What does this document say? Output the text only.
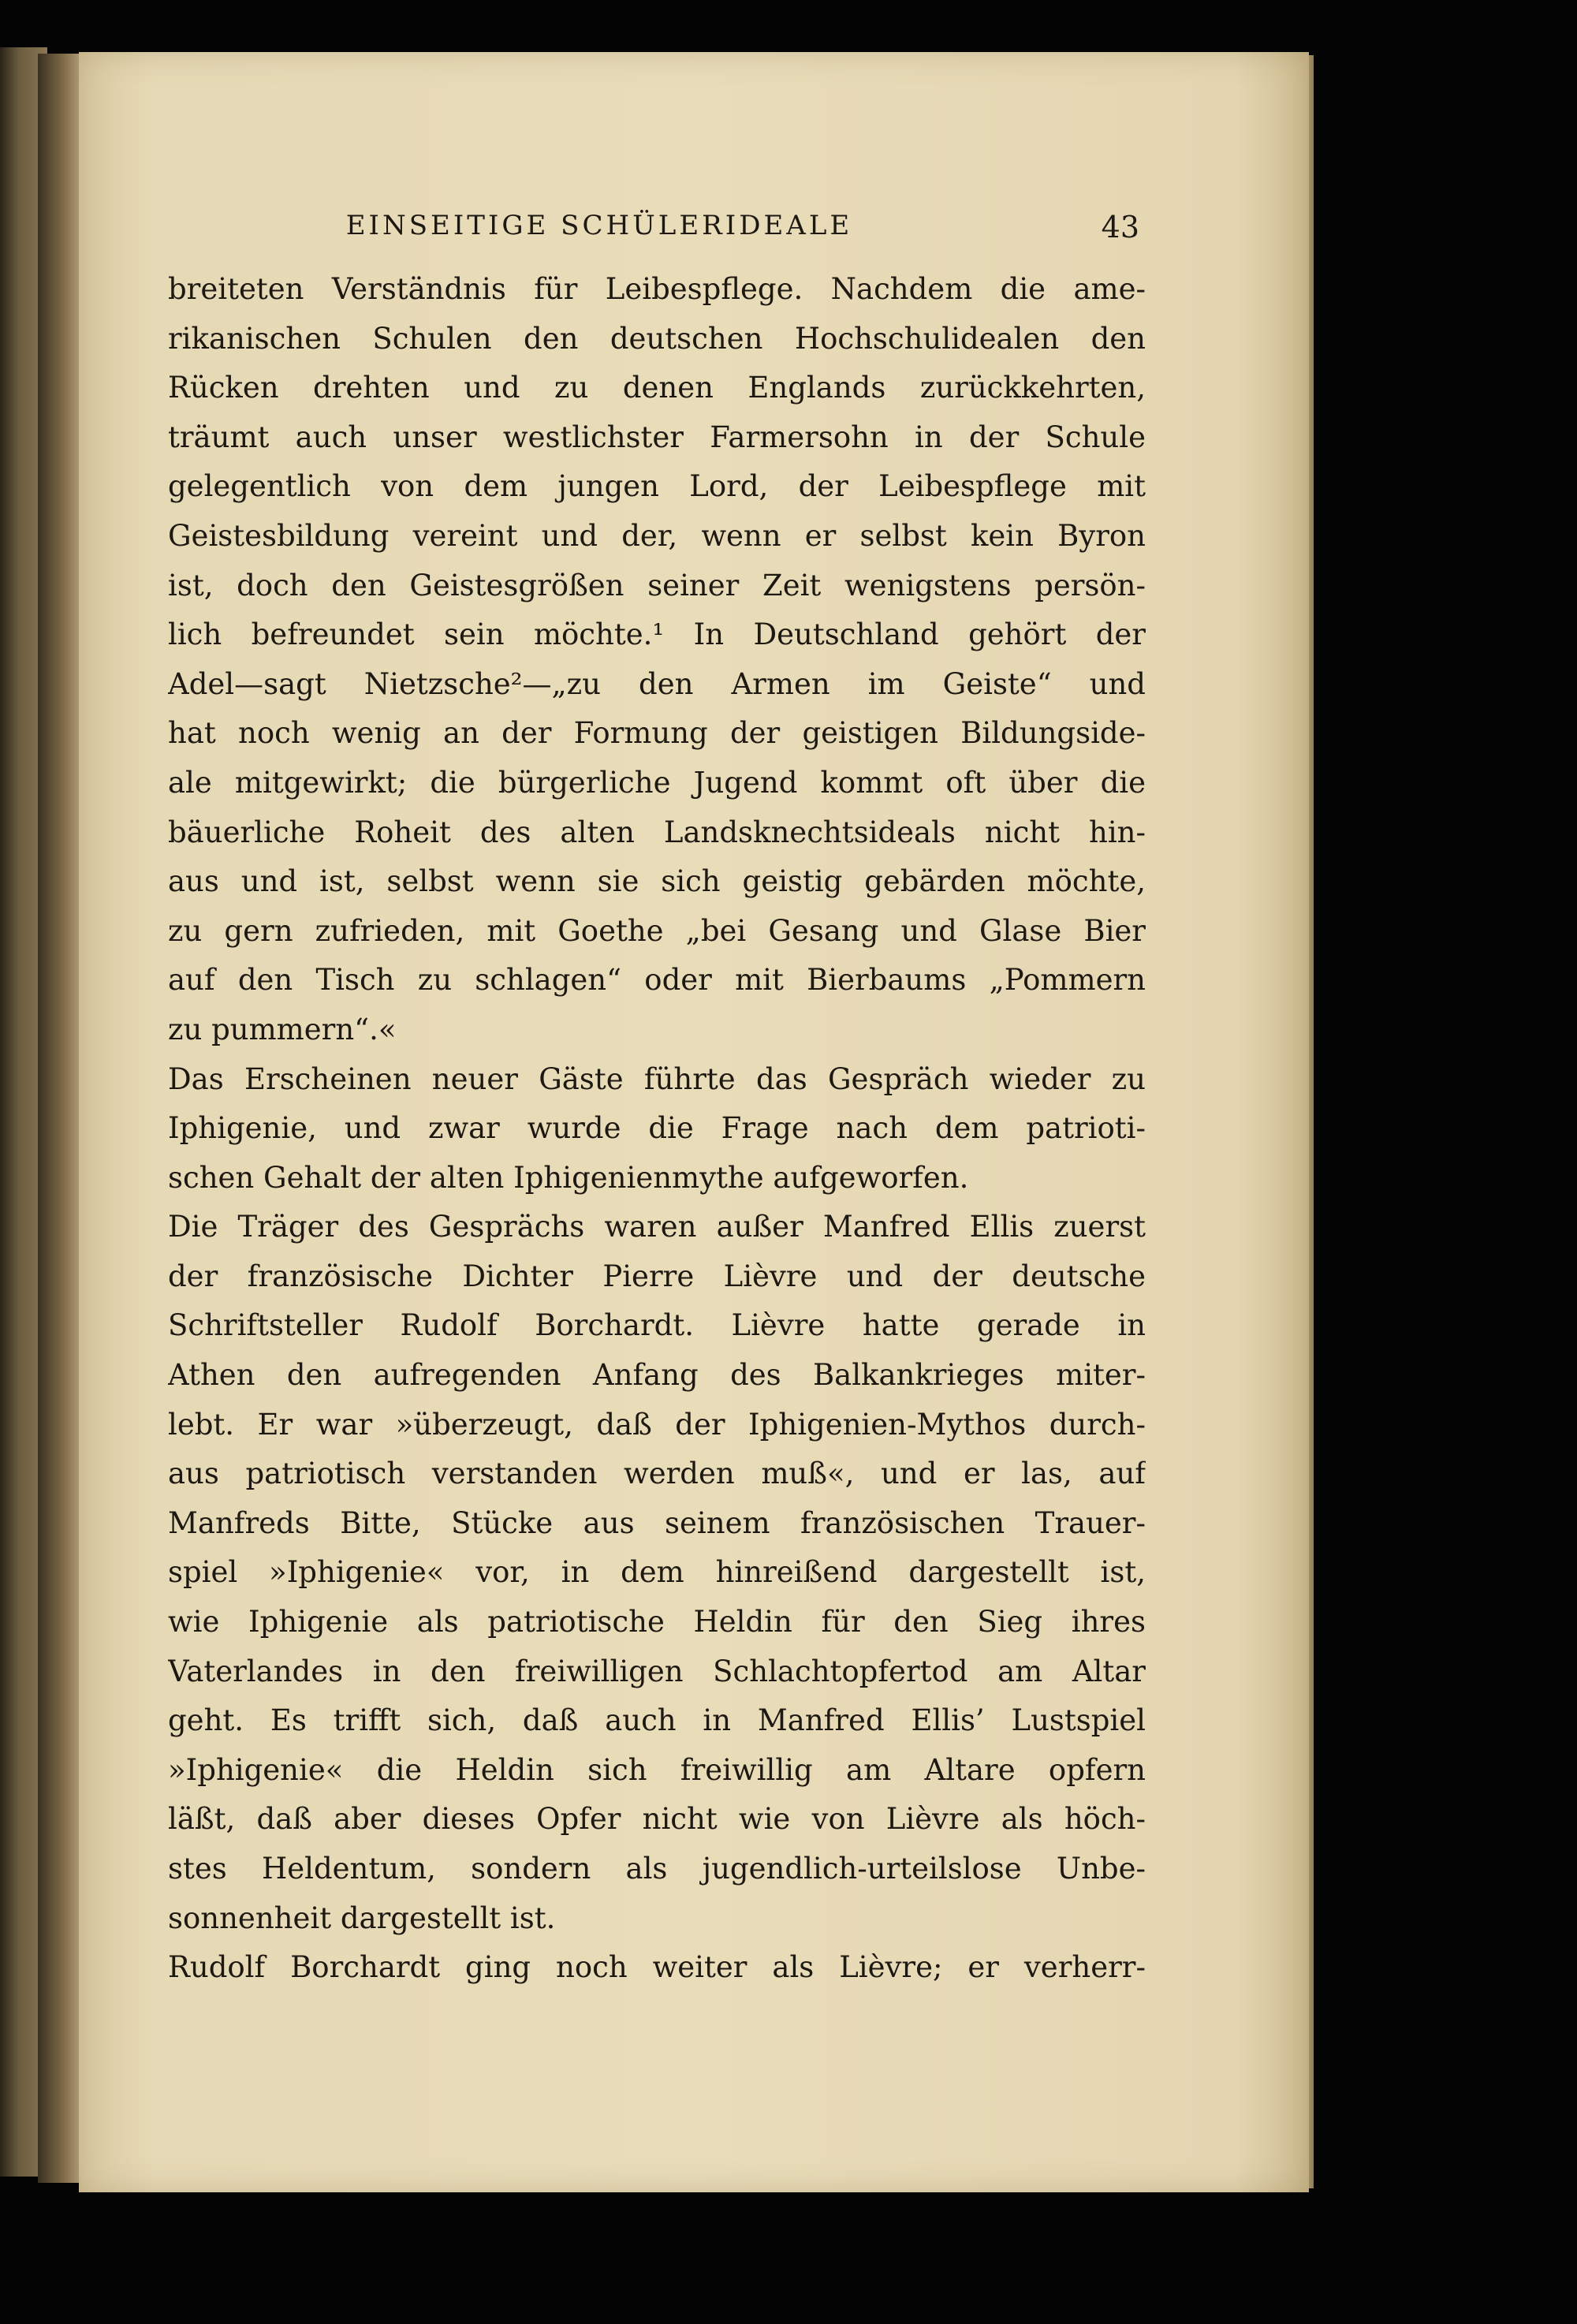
EINSEITIGE SCHÜLERIDEALE	43
breiteten Verständnis für Leibespflege. Nachdem die ame-
rikanischen Schulen den deutschen Hochschulidealen den
Rücken drehten und zu denen Englands zurückkehrten,
träumt auch unser westlichster Farmersohn in der Schule
gelegentlich von dem jungen Lord, der Leibespflege mit
Geistesbildung vereint und der, wenn er selbst kein Byron
ist, doch den Geistesgrößen seiner Zeit wenigstens persön-
lich befreundet sein möchte.¹ In Deutschland gehört der
Adel—sagt Nietzsche²—„zu den Armen im Geiste“ und
hat noch wenig an der Formung der geistigen Bildungside-
ale mitgewirkt; die bürgerliche Jugend kommt oft über die
bäuerliche Roheit des alten Landsknechtsideals nicht hin-
aus und ist, selbst wenn sie sich geistig gebärden möchte,
zu gern zufrieden, mit Goethe „bei Gesang und Glase Bier
auf den Tisch zu schlagen“ oder mit Bierbaums „Pommern
zu pummern“.«
Das Erscheinen neuer Gäste führte das Gespräch wieder zu
Iphigenie, und zwar wurde die Frage nach dem patrioti-
schen Gehalt der alten Iphigenienmythe aufgeworfen.
Die Träger des Gesprächs waren außer Manfred Ellis zuerst
der französische Dichter Pierre Lièvre und der deutsche
Schriftsteller Rudolf Borchardt. Lièvre hatte gerade in
Athen den aufregenden Anfang des Balkankrieges miter-
lebt. Er war »überzeugt, daß der Iphigenien-Mythos durch-
aus patriotisch verstanden werden muß«, und er las, auf
Manfreds Bitte, Stücke aus seinem französischen Trauer-
spiel »Iphigenie« vor, in dem hinreißend dargestellt ist,
wie Iphigenie als patriotische Heldin für den Sieg ihres
Vaterlandes in den freiwilligen Schlachtopfertod am Altar
geht. Es trifft sich, daß auch in Manfred Ellis’ Lustspiel
»Iphigenie« die Heldin sich freiwillig am Altare opfern
läßt, daß aber dieses Opfer nicht wie von Lièvre als höch-
stes Heldentum, sondern als jugendlich-urteilslose Unbe-
sonnenheit dargestellt ist.
Rudolf Borchardt ging noch weiter als Lièvre; er verherr-
